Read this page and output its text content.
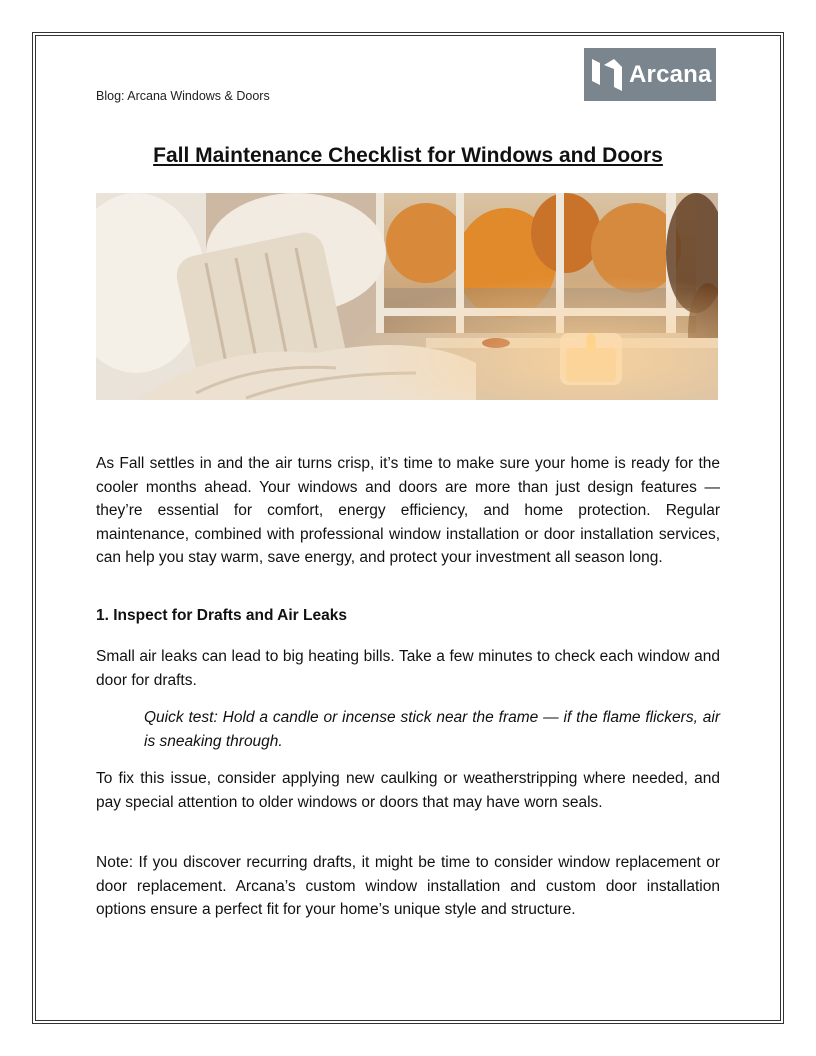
Blog: Arcana Windows & Doors
Arcana
Fall Maintenance Checklist for Windows and Doors

As Fall settles in and the air turns crisp, it’s time to make sure your home is ready for the cooler months ahead. Your windows and doors are more than just design features — they’re essential for comfort, energy efficiency, and home protection. Regular maintenance, combined with professional window installation or door installation services, can help you stay warm, save energy, and protect your investment all season long.

1. Inspect for Drafts and Air Leaks

Small air leaks can lead to big heating bills. Take a few minutes to check each window and door for drafts.

Quick test: Hold a candle or incense stick near the frame — if the flame flickers, air is sneaking through.

To fix this issue, consider applying new caulking or weatherstripping where needed, and pay special attention to older windows or doors that may have worn seals.

Note: If you discover recurring drafts, it might be time to consider window replacement or door replacement. Arcana’s custom window installation and custom door installation options ensure a perfect fit for your home’s unique style and structure.
